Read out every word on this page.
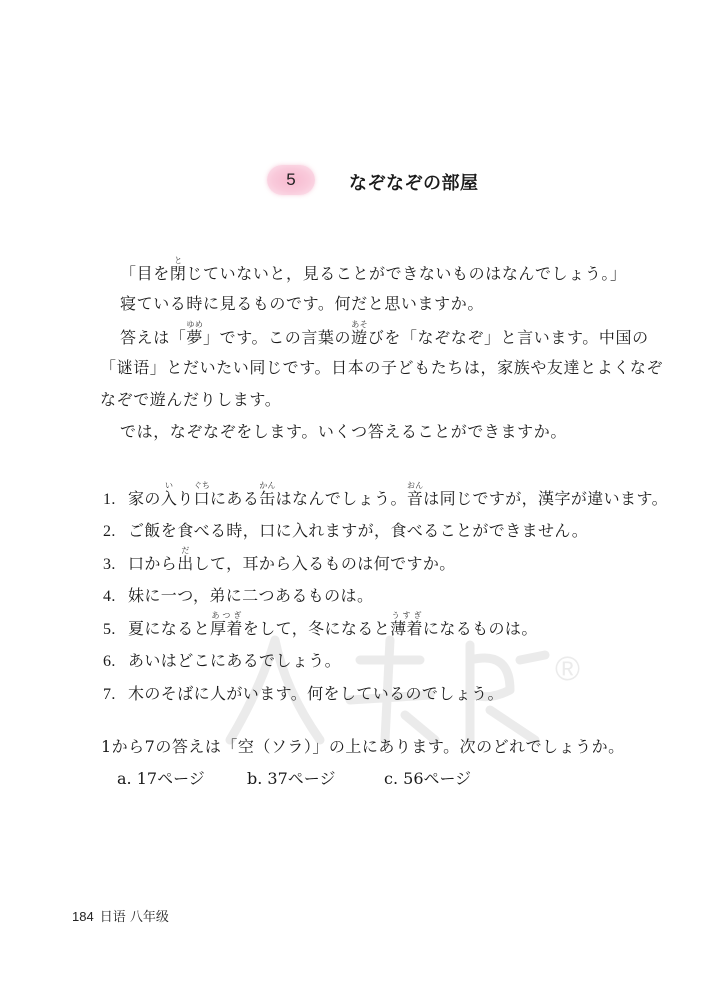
5	なぞなぞの部屋
「目を閉とじていないと，見ることができないものはなんでしょう。」
寝ている時に見るものです。何だと思いますか。
答えは「夢ゆめ」です。この言葉の遊あそびを「なぞなぞ」と言います。中国の
「谜语」とだいたい同じです。日本の子どもたちは，家族や友達とよくなぞ
なぞで遊んだりします。
では，なぞなぞをします。いくつ答えることができますか。
1. 家の入いり口ぐちにある缶かんはなんでしょう。音おんは同じですが，漢字が違います。
2. ご飯を食べる時，口に入れますが，食べることができません。
3. 口から出だして，耳から入るものは何ですか。
4. 妹に一つ，弟に二つあるものは。
5. 夏になると厚着あつぎをして，冬になると薄着うすぎになるものは。
6. あいはどこにあるでしょう。
7. 木のそばに人がいます。何をしているのでしょう。
1から7の答えは「空（ソラ）」の上にあります。次のどれでしょうか。
a. 17ページ	b. 37ページ	c. 56ページ
184 日语 八年级
®
